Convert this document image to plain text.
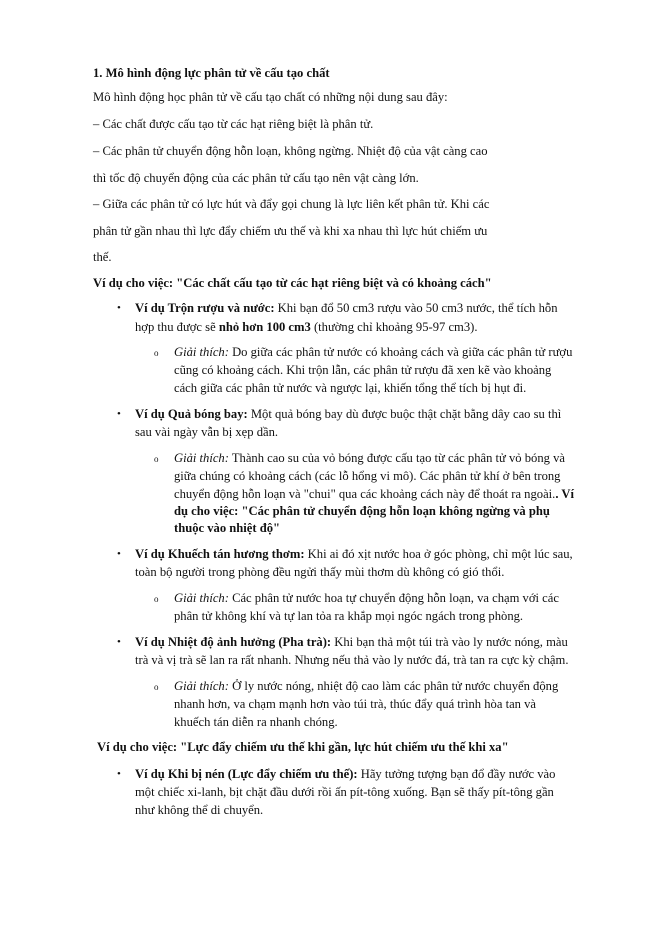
1. Mô hình động lực phân tử về cấu tạo chất
Mô hình động học phân tử về cấu tạo chất có những nội dung sau đây:
– Các chất được cấu tạo từ các hạt riêng biệt là phân tử.
– Các phân tử chuyển động hỗn loạn, không ngừng. Nhiệt độ của vật càng cao
thì tốc độ chuyển động của các phân tử cấu tạo nên vật càng lớn.
– Giữa các phân tử có lực hút và đẩy gọi chung là lực liên kết phân tử. Khi các
phân tử gần nhau thì lực đẩy chiếm ưu thế và khi xa nhau thì lực hút chiếm ưu
thế.
Ví dụ cho việc: "Các chất cấu tạo từ các hạt riêng biệt và có khoảng cách"
• Ví dụ Trộn rượu và nước: Khi bạn đổ 50 cm3 rượu vào 50 cm3 nước, thể tích hỗn
hợp thu được sẽ nhỏ hơn 100 cm3 (thường chỉ khoảng 95-97 cm3).
o Giải thích: Do giữa các phân tử nước có khoảng cách và giữa các phân tử rượu
cũng có khoảng cách. Khi trộn lẫn, các phân tử rượu đã xen kẽ vào khoảng
cách giữa các phân tử nước và ngược lại, khiến tổng thể tích bị hụt đi.
• Ví dụ Quả bóng bay: Một quả bóng bay dù được buộc thật chặt bằng dây cao su thì
sau vài ngày vẫn bị xẹp dần.
o Giải thích: Thành cao su của vỏ bóng được cấu tạo từ các phân tử vỏ bóng và
giữa chúng có khoảng cách (các lỗ hổng vi mô). Các phân tử khí ở bên trong
chuyển động hỗn loạn và "chui" qua các khoảng cách này để thoát ra ngoài.. Ví
dụ cho việc: "Các phân tử chuyển động hỗn loạn không ngừng và phụ
thuộc vào nhiệt độ"
• Ví dụ Khuếch tán hương thơm: Khi ai đó xịt nước hoa ở góc phòng, chỉ một lúc sau,
toàn bộ người trong phòng đều ngửi thấy mùi thơm dù không có gió thổi.
o Giải thích: Các phân tử nước hoa tự chuyển động hỗn loạn, va chạm với các
phân tử không khí và tự lan tỏa ra khắp mọi ngóc ngách trong phòng.
• Ví dụ Nhiệt độ ảnh hưởng (Pha trà): Khi bạn thả một túi trà vào ly nước nóng, màu
trà và vị trà sẽ lan ra rất nhanh. Nhưng nếu thả vào ly nước đá, trà tan ra cực kỳ chậm.
o Giải thích: Ở ly nước nóng, nhiệt độ cao làm các phân tử nước chuyển động
nhanh hơn, va chạm mạnh hơn vào túi trà, thúc đẩy quá trình hòa tan và
khuếch tán diễn ra nhanh chóng.
Ví dụ cho việc: "Lực đẩy chiếm ưu thế khi gần, lực hút chiếm ưu thế khi xa"
• Ví dụ Khi bị nén (Lực đẩy chiếm ưu thế): Hãy tưởng tượng bạn đổ đầy nước vào
một chiếc xi-lanh, bịt chặt đầu dưới rồi ấn pít-tông xuống. Bạn sẽ thấy pít-tông gần
như không thể di chuyển.
